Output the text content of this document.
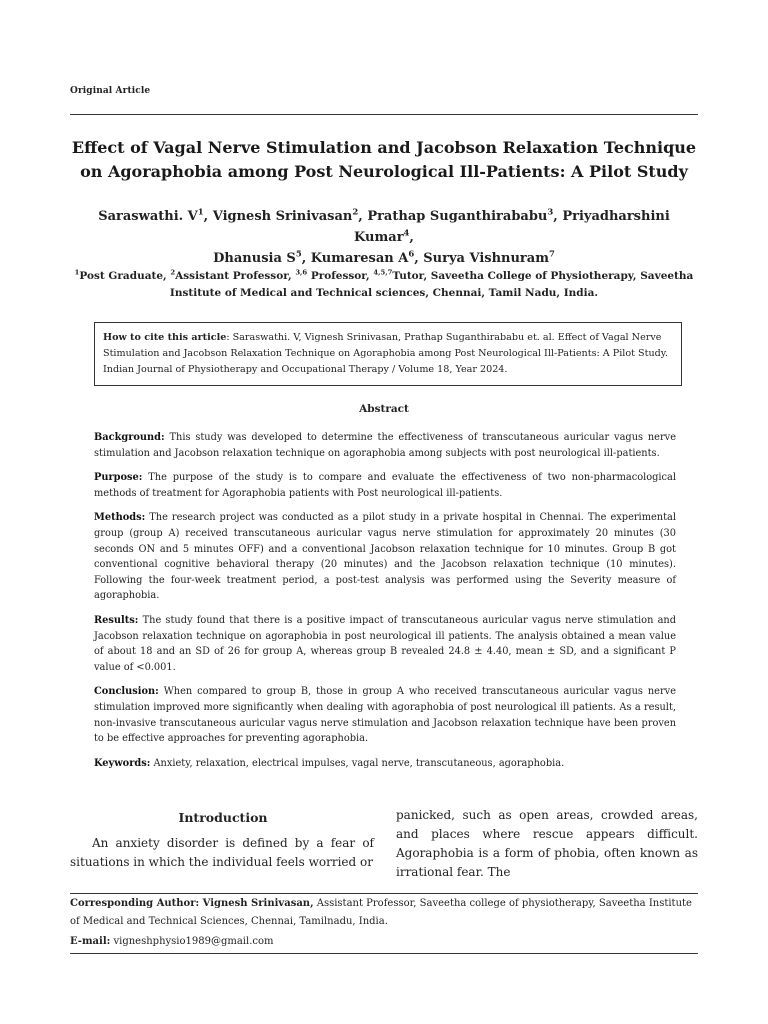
Original Article
Effect of Vagal Nerve Stimulation and Jacobson Relaxation Technique on Agoraphobia among Post Neurological Ill-Patients: A Pilot Study
Saraswathi. $V^1$, Vignesh Srinivasan$^2$, Prathap Suganthirababu$^3$, Priyadharshini Kumar$^4$,
Dhanusia $S^5$, Kumaresan $A^6$, Surya Vishnuram$^7$
$^1$Post Graduate, $^2$Assistant Professor, $^{3,6}$ Professor, $^{4,5,7}$Tutor, Saveetha College of Physiotherapy, Saveetha Institute of Medical and Technical sciences, Chennai, Tamil Nadu, India.
How to cite this article: Saraswathi. V, Vignesh Srinivasan, Prathap Suganthirababu et. al. Effect of Vagal Nerve Stimulation and Jacobson Relaxation Technique on Agoraphobia among Post Neurological Ill-Patients: A Pilot Study. Indian Journal of Physiotherapy and Occupational Therapy / Volume 18, Year 2024.
Abstract

Background: This study was developed to determine the effectiveness of transcutaneous auricular vagus nerve stimulation and Jacobson relaxation technique on agoraphobia among subjects with post neurological ill-patients.

Purpose: The purpose of the study is to compare and evaluate the effectiveness of two non-pharmacological methods of treatment for Agoraphobia patients with Post neurological ill-patients.

Methods: The research project was conducted as a pilot study in a private hospital in Chennai. The experimental group (group A) received transcutaneous auricular vagus nerve stimulation for approximately 20 minutes (30 seconds ON and 5 minutes OFF) and a conventional Jacobson relaxation technique for 10 minutes. Group B got conventional cognitive behavioral therapy (20 minutes) and the Jacobson relaxation technique (10 minutes). Following the four-week treatment period, a post-test analysis was performed using the Severity measure of agoraphobia.

Results: The study found that there is a positive impact of transcutaneous auricular vagus nerve stimulation and Jacobson relaxation technique on agoraphobia in post neurological ill patients. The analysis obtained a mean value of about 18 and an SD of 26 for group A, whereas group B revealed 24.8 ± 4.40, mean ± SD, and a significant P value of <0.001.

Conclusion: When compared to group B, those in group A who received transcutaneous auricular vagus nerve stimulation improved more significantly when dealing with agoraphobia of post neurological ill patients. As a result, non-invasive transcutaneous auricular vagus nerve stimulation and Jacobson relaxation technique have been proven to be effective approaches for preventing agoraphobia.

Keywords: Anxiety, relaxation, electrical impulses, vagal nerve, transcutaneous, agoraphobia.

Introduction
An anxiety disorder is defined by a fear of situations in which the individual feels worried or
panicked, such as open areas, crowded areas, and places where rescue appears difficult. Agoraphobia is a form of phobia, often known as irrational fear. The

Corresponding Author: Vignesh Srinivasan, Assistant Professor, Saveetha college of physiotherapy, Saveetha Institute of Medical and Technical Sciences, Chennai, Tamilnadu, India.

E-mail: vigneshphysio1989@gmail.com
